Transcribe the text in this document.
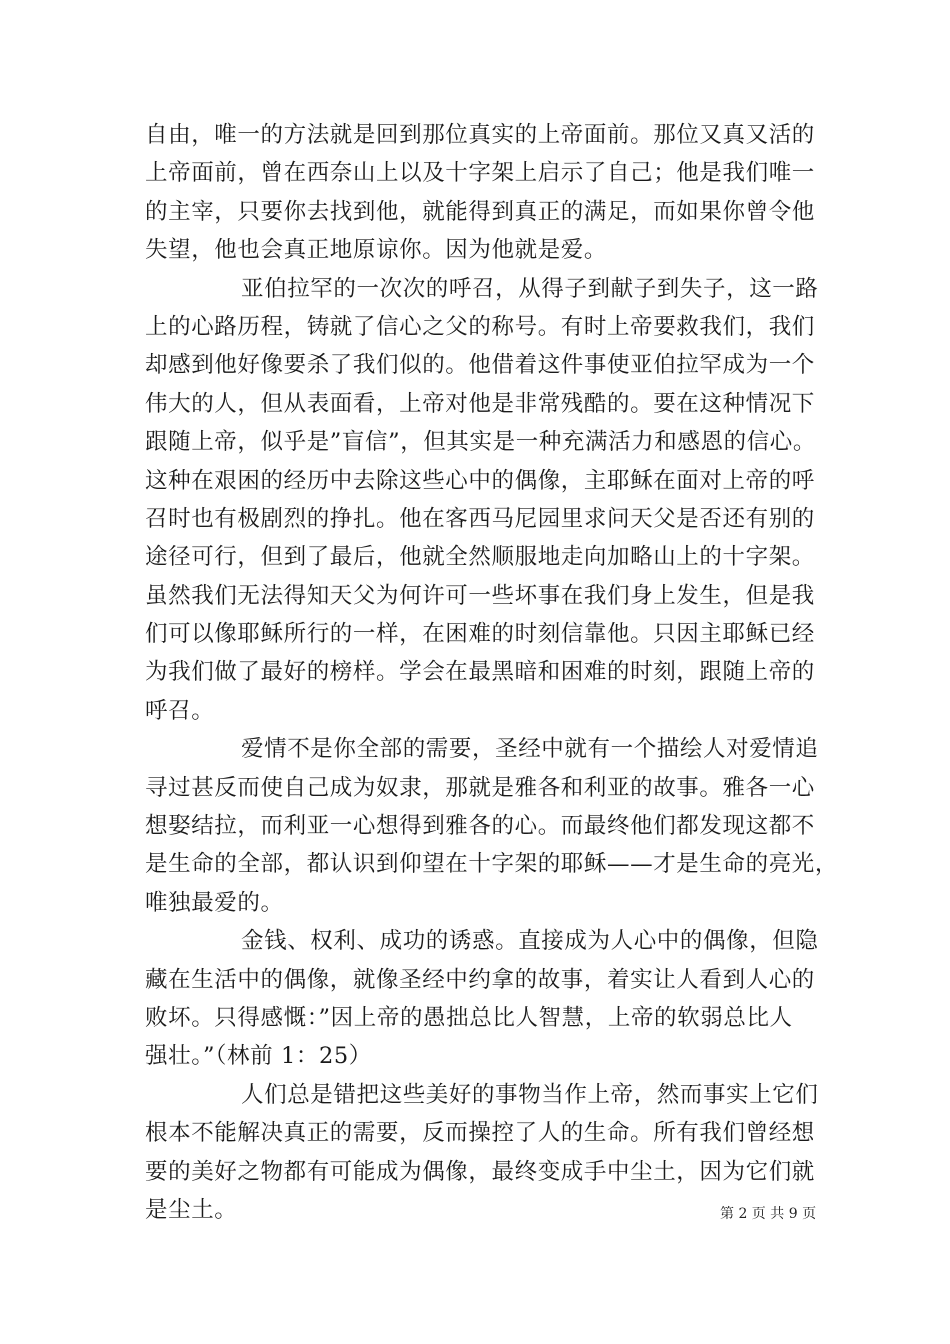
自由，唯一的方法就是回到那位真实的上帝面前。那位又真又活的
上帝面前，曾在西奈山上以及十字架上启示了自己；他是我们唯一
的主宰，只要你去找到他，就能得到真正的满足，而如果你曾令他
失望，他也会真正地原谅你。因为他就是爱。
亚伯拉罕的一次次的呼召，从得子到献子到失子，这一路
上的心路历程，铸就了信心之父的称号。有时上帝要救我们，我们
却感到他好像要杀了我们似的。他借着这件事使亚伯拉罕成为一个
伟大的人，但从表面看，上帝对他是非常残酷的。要在这种情况下
跟随上帝，似乎是”盲信”，但其实是一种充满活力和感恩的信心。
这种在艰困的经历中去除这些心中的偶像，主耶稣在面对上帝的呼
召时也有极剧烈的挣扎。他在客西马尼园里求问天父是否还有别的
途径可行，但到了最后，他就全然顺服地走向加略山上的十字架。
虽然我们无法得知天父为何许可一些坏事在我们身上发生，但是我
们可以像耶稣所行的一样，在困难的时刻信靠他。只因主耶稣已经
为我们做了最好的榜样。学会在最黑暗和困难的时刻，跟随上帝的
呼召。
爱情不是你全部的需要，圣经中就有一个描绘人对爱情追
寻过甚反而使自己成为奴隶，那就是雅各和利亚的故事。雅各一心
想娶结拉，而利亚一心想得到雅各的心。而最终他们都发现这都不
是生命的全部，都认识到仰望在十字架的耶稣——才是生命的亮光，
唯独最爱的。
金钱、权利、成功的诱惑。直接成为人心中的偶像，但隐
藏在生活中的偶像，就像圣经中约拿的故事，着实让人看到人心的
败坏。只得感慨：”因上帝的愚拙总比人智慧，上帝的软弱总比人
强壮。”（林前 1：25）
人们总是错把这些美好的事物当作上帝，然而事实上它们
根本不能解决真正的需要，反而操控了人的生命。所有我们曾经想
要的美好之物都有可能成为偶像，最终变成手中尘土，因为它们就
是尘土。	第 2 页 共 9 页
